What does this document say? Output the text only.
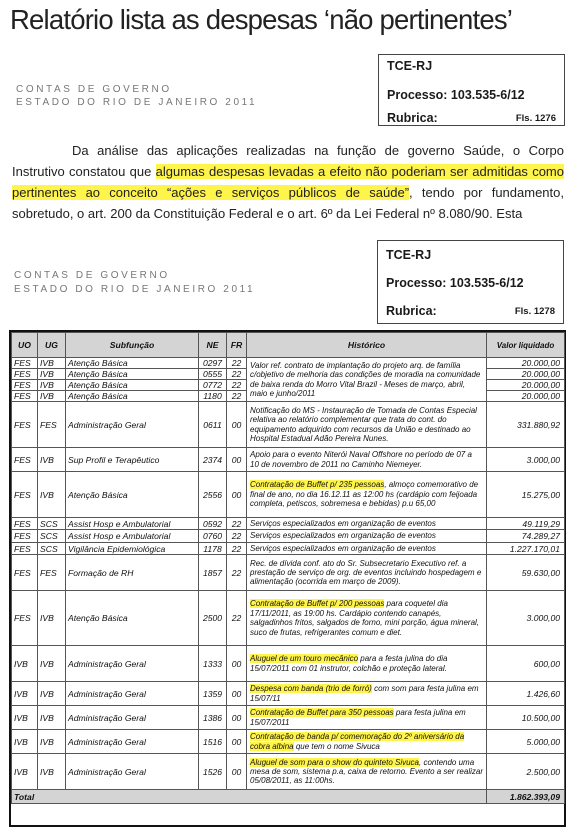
Relatório lista as despesas ‘não pertinentes’
CONTAS DE GOVERNO
ESTADO DO RIO DE JANEIRO 2011
TCE-RJ
Processo: 103.535-6/12
Rubrica:	Fls. 1276
Da análise das aplicações realizadas na função de governo Saúde, o Corpo Instrutivo constatou que algumas despesas levadas a efeito não poderiam ser admitidas como pertinentes ao conceito “ações e serviços públicos de saúde”, tendo por fundamento, sobretudo, o art. 200 da Constituição Federal e o art. 6º da Lei Federal nº 8.080/90. Esta
CONTAS DE GOVERNO
ESTADO DO RIO DE JANEIRO 2011
TCE-RJ
Processo: 103.535-6/12
Rubrica:	Fls. 1278
UO	UG	Subfunção	NE	FR	Histórico	Valor liquidado
FES	IVB	Atenção Básica	0297	22	Valor ref. contrato de implantação do projeto arq. de família c/objetivo de melhoria das condições de moradia na comunidade de baixa renda do Morro Vital Brazil - Meses de março, abril, maio e junho/2011	20.000,00
FES	IVB	Atenção Básica	0555	22		20.000,00
FES	IVB	Atenção Básica	0772	22		20.000,00
FES	IVB	Atenção Básica	1180	22		20.000,00
FES	FES	Administração Geral	0611	00	Notificação do MS - Instauração de Tomada de Contas Especial relativa ao relatório complementar que trata do cont. do equipamento adquirido com recursos da União e destinado ao Hospital Estadual Adão Pereira Nunes.	331.880,92
FES	IVB	Sup Profil e Terapêutico	2374	00	Apoio para o evento Niterói Naval Offshore no período de 07 a 10 de novembro de 2011 no Caminho Niemeyer.	3.000,00
FES	IVB	Atenção Básica	2556	00	Contratação de Buffet p/ 235 pessoas, almoço comemorativo de final de ano, no dia 16.12.11 as 12:00 hs (cardápio com feijoada completa, petiscos, sobremesa e bebidas) p.u 65,00	15.275,00
FES	SCS	Assist Hosp e Ambulatorial	0592	22	Serviços especializados em organização de eventos	49.119,29
FES	SCS	Assist Hosp e Ambulatorial	0760	22	Serviços especializados em organização de eventos	74.289,27
FES	SCS	Vigilância Epidemiológica	1178	22	Serviços especializados em organização de eventos	1.227.170,01
FES	FES	Formação de RH	1857	22	Rec. de dívida conf. ato do Sr. Subsecretario Executivo ref. a prestação de serviço de org. de eventos incluindo hospedagem e alimentação (ocorrida em março de 2009).	59.630,00
FES	IVB	Atenção Básica	2500	22	Contratação de Buffet p/ 200 pessoas para coquetel dia 17/11/2011, as 19:00 hs. Cardápio contendo canapés, salgadinhos fritos, salgados de forno, mini porção, água mineral, suco de frutas, refrigerantes comum e diet.	3.000,00
IVB	IVB	Administração Geral	1333	00	Aluguel de um touro mecânico para a festa julina do dia 15/07/2011 com 01 instrutor, colchão e proteção lateral.	600,00
IVB	IVB	Administração Geral	1359	00	Despesa com banda (trio de forró) com som para festa julina em 15/07/11	1.426,60
IVB	IVB	Administração Geral	1386	00	Contratação de Buffet para 350 pessoas para festa julina em 15/07/2011	10.500,00
IVB	IVB	Administração Geral	1516	00	Contratação de banda p/ comemoração do 2º aniversário da cobra albina que tem o nome Sivuca	5.000,00
IVB	IVB	Administração Geral	1526	00	Aluguel de som para o show do quinteto Sivuca, contendo uma mesa de som, sistema p.a, caixa de retorno. Evento a ser realizar 05/08/2011, as 11:00hs.	2.500,00
Total						1.862.393,09
